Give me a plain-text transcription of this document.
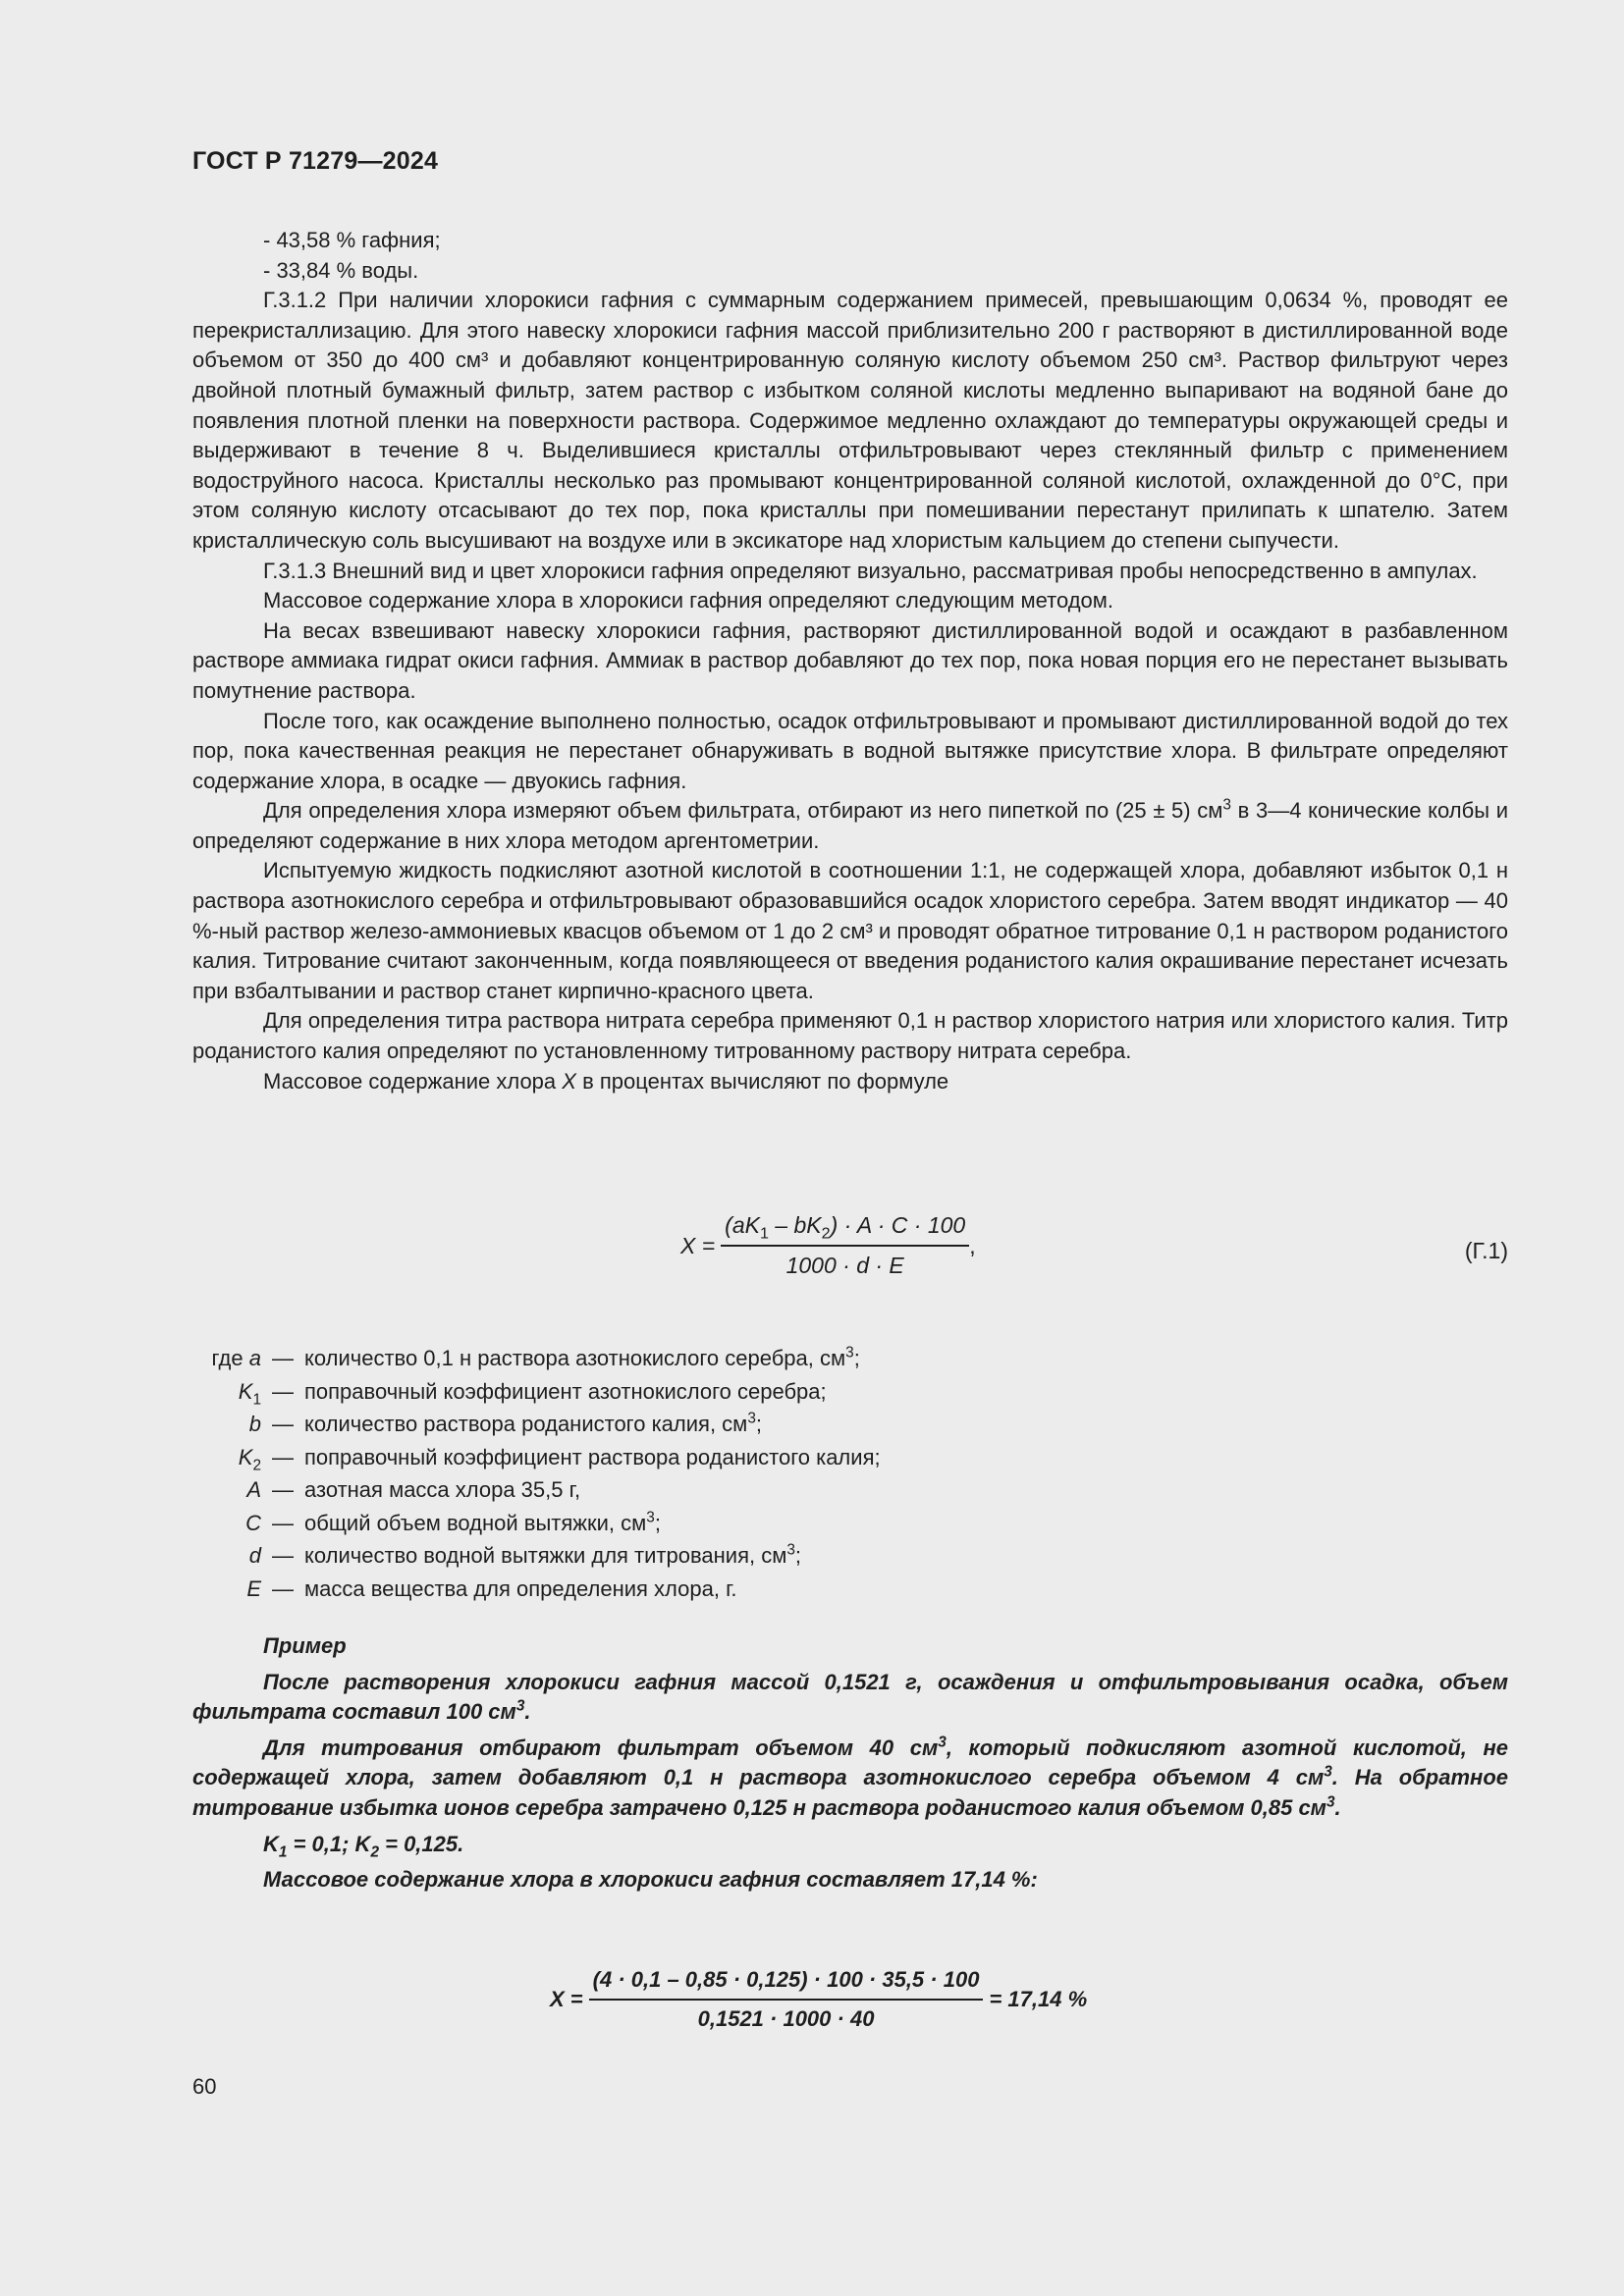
ГОСТ Р 71279—2024

- 43,58 % гафния;

- 33,84 % воды.

Г.3.1.2 При наличии хлорокиси гафния с суммарным содержанием примесей, превышающим 0,0634 %, проводят ее перекристаллизацию. Для этого навеску хлорокиси гафния массой приблизительно 200 г растворяют в дистиллированной воде объемом от 350 до 400 см³ и добавляют концентрированную соляную кислоту объемом 250 см³. Раствор фильтруют через двойной плотный бумажный фильтр, затем раствор с избытком соляной кислоты медленно выпаривают на водяной бане до появления плотной пленки на поверхности раствора. Содержимое медленно охлаждают до температуры окружающей среды и выдерживают в течение 8 ч. Выделившиеся кристаллы отфильтровывают через стеклянный фильтр с применением водоструйного насоса. Кристаллы несколько раз промывают концентрированной соляной кислотой, охлажденной до 0°С, при этом соляную кислоту отсасывают до тех пор, пока кристаллы при помешивании перестанут прилипать к шпателю. Затем кристаллическую соль высушивают на воздухе или в эксикаторе над хлористым кальцием до степени сыпучести.

Г.3.1.3 Внешний вид и цвет хлорокиси гафния определяют визуально, рассматривая пробы непосредственно в ампулах.

Массовое содержание хлора в хлорокиси гафния определяют следующим методом.

На весах взвешивают навеску хлорокиси гафния, растворяют дистиллированной водой и осаждают в разбавленном растворе аммиака гидрат окиси гафния. Аммиак в раствор добавляют до тех пор, пока новая порция его не перестанет вызывать помутнение раствора.

После того, как осаждение выполнено полностью, осадок отфильтровывают и промывают дистиллированной водой до тех пор, пока качественная реакция не перестанет обнаруживать в водной вытяжке присутствие хлора. В фильтрате определяют содержание хлора, в осадке — двуокись гафния.

Для определения хлора измеряют объем фильтрата, отбирают из него пипеткой по (25 ± 5) $см^3$ в 3—4 конические колбы и определяют содержание в них хлора методом аргентометрии.

Испытуемую жидкость подкисляют азотной кислотой в соотношении 1:1, не содержащей хлора, добавляют избыток 0,1 н раствора азотнокислого серебра и отфильтровывают образовавшийся осадок хлористого серебра. Затем вводят индикатор — 40 %-ный раствор железо-аммониевых квасцов объемом от 1 до 2 см³ и проводят обратное титрование 0,1 н раствором роданистого калия. Титрование считают законченным, когда появляющееся от введения роданистого калия окрашивание перестанет исчезать при взбалтывании и раствор станет кирпично-красного цвета.

Для определения титра раствора нитрата серебра применяют 0,1 н раствор хлористого натрия или хлористого калия. Титр роданистого калия определяют по установленному титрованному раствору нитрата серебра.

Массовое содержание хлора X в процентах вычисляют по формуле

$X = \frac{(aK_1 - bK_2) \cdot A \cdot C \cdot 100}{1000 \cdot d \cdot E}$ ,	(Г.1)
где a — количество 0,1 н раствора азотнокислого серебра, $см^3$;
$K_1$ — поправочный коэффициент азотнокислого серебра;
b — количество раствора роданистого калия, $см^3$;
$K_2$ — поправочный коэффициент раствора роданистого калия;
A — азотная масса хлора 35,5 г,
C — общий объем водной вытяжки, $см^3$;
d — количество водной вытяжки для титрования, $см^3$;
E — масса вещества для определения хлора, г.

Пример

После растворения хлорокиси гафния массой 0,1521 г, осаждения и отфильтровывания осадка, объем фильтрата составил 100 $см^3$.

Для титрования отбирают фильтрат объемом 40 $см^3$, который подкисляют азотной кислотой, не содержащей хлора, затем добавляют 0,1 н раствора азотнокислого серебра объемом 4 $см^3$. На обратное титрование избытка ионов серебра затрачено 0,125 н раствора роданистого калия объемом 0,85 $см^3$.

$K_1 = 0,1$; $K_2 = 0,125$.

Массовое содержание хлора в хлорокиси гафния составляет 17,14 %:

$X = \frac{(4 \cdot 0,1 - 0,85 \cdot 0,125) \cdot 100 \cdot 35,5 \cdot 100}{0,1521 \cdot 1000 \cdot 40} = 17,14$ %
60
